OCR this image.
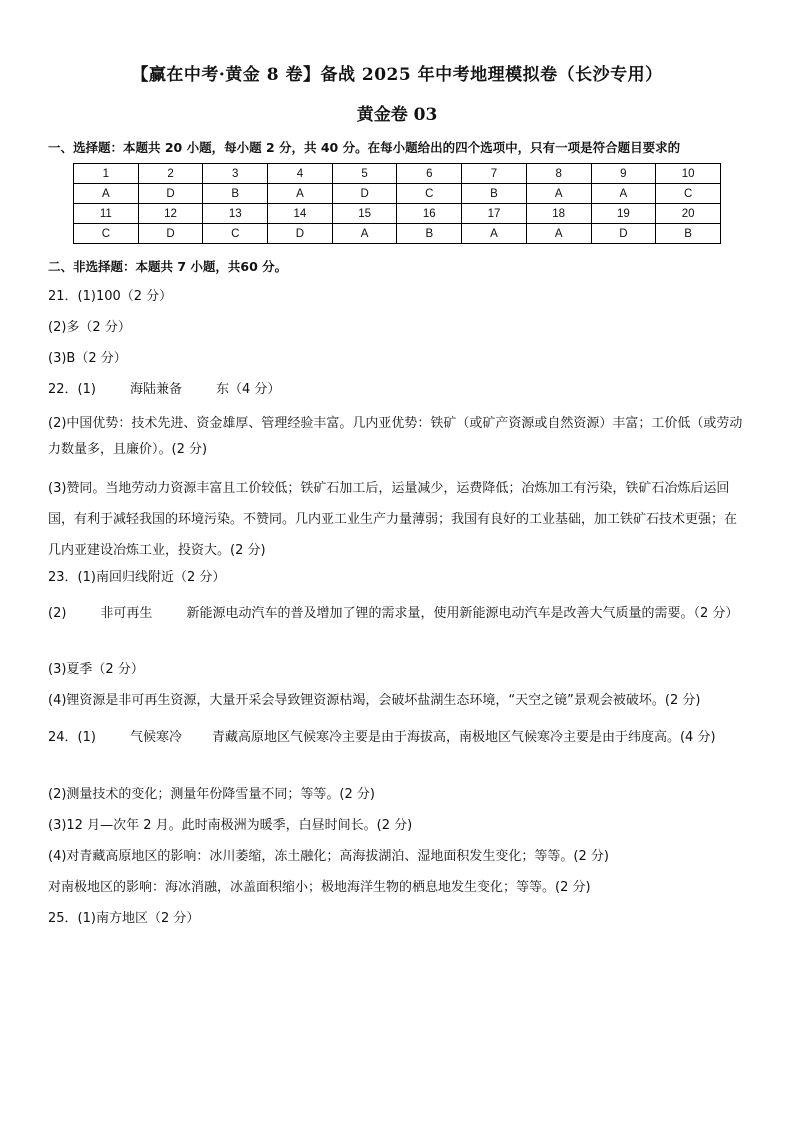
【赢在中考·黄金 8 卷】备战 2025 年中考地理模拟卷（长沙专用）
黄金卷 03
一、选择题：本题共 20 小题，每小题 2 分，共 40 分。在每小题给出的四个选项中，只有一项是符合题目要求的
1	2	3	4	5	6	7	8	9	10
A	D	B	A	D	C	B	A	A	C
11	12	13	14	15	16	17	18	19	20
C	D	C	D	A	B	A	A	D	B
二、非选择题：本题共 7 小题，共60 分。
21．(1)100（2 分）
(2)多（2 分）
(3)B（2 分）
22．(1)	海陆兼备	东（4 分）
(2)中国优势：技术先进、资金雄厚、管理经验丰富。几内亚优势：铁矿（或矿产资源或自然资源）丰富；工价低（或劳动力数量多，且廉价）。(2 分)
(3)赞同。当地劳动力资源丰富且工价较低；铁矿石加工后，运量减少，运费降低；冶炼加工有污染，铁矿石冶炼后运回国，有利于减轻我国的环境污染。不赞同。几内亚工业生产力量薄弱；我国有良好的工业基础，加工铁矿石技术更强；在几内亚建设冶炼工业，投资大。(2 分)
23．(1)南回归线附近（2 分）
(2)	非可再生	新能源电动汽车的普及增加了锂的需求量，使用新能源电动汽车是改善大气质量的需要。（2 分）
(3)夏季（2 分）
(4)锂资源是非可再生资源，大量开采会导致锂资源枯竭，会破坏盐湖生态环境，“天空之镜”景观会被破坏。(2 分)
24．(1)	气候寒冷 青藏高原地区气候寒冷主要是由于海拔高，南极地区气候寒冷主要是由于纬度高。(4 分)
(2)测量技术的变化；测量年份降雪量不同；等等。(2 分)
(3)12 月—次年 2 月。此时南极洲为暖季，白昼时间长。(2 分)
(4)对青藏高原地区的影响：冰川萎缩，冻土融化；高海拔湖泊、湿地面积发生变化；等等。(2 分)
对南极地区的影响：海冰消融，冰盖面积缩小；极地海洋生物的栖息地发生变化；等等。(2 分)
25．(1)南方地区（2 分）
